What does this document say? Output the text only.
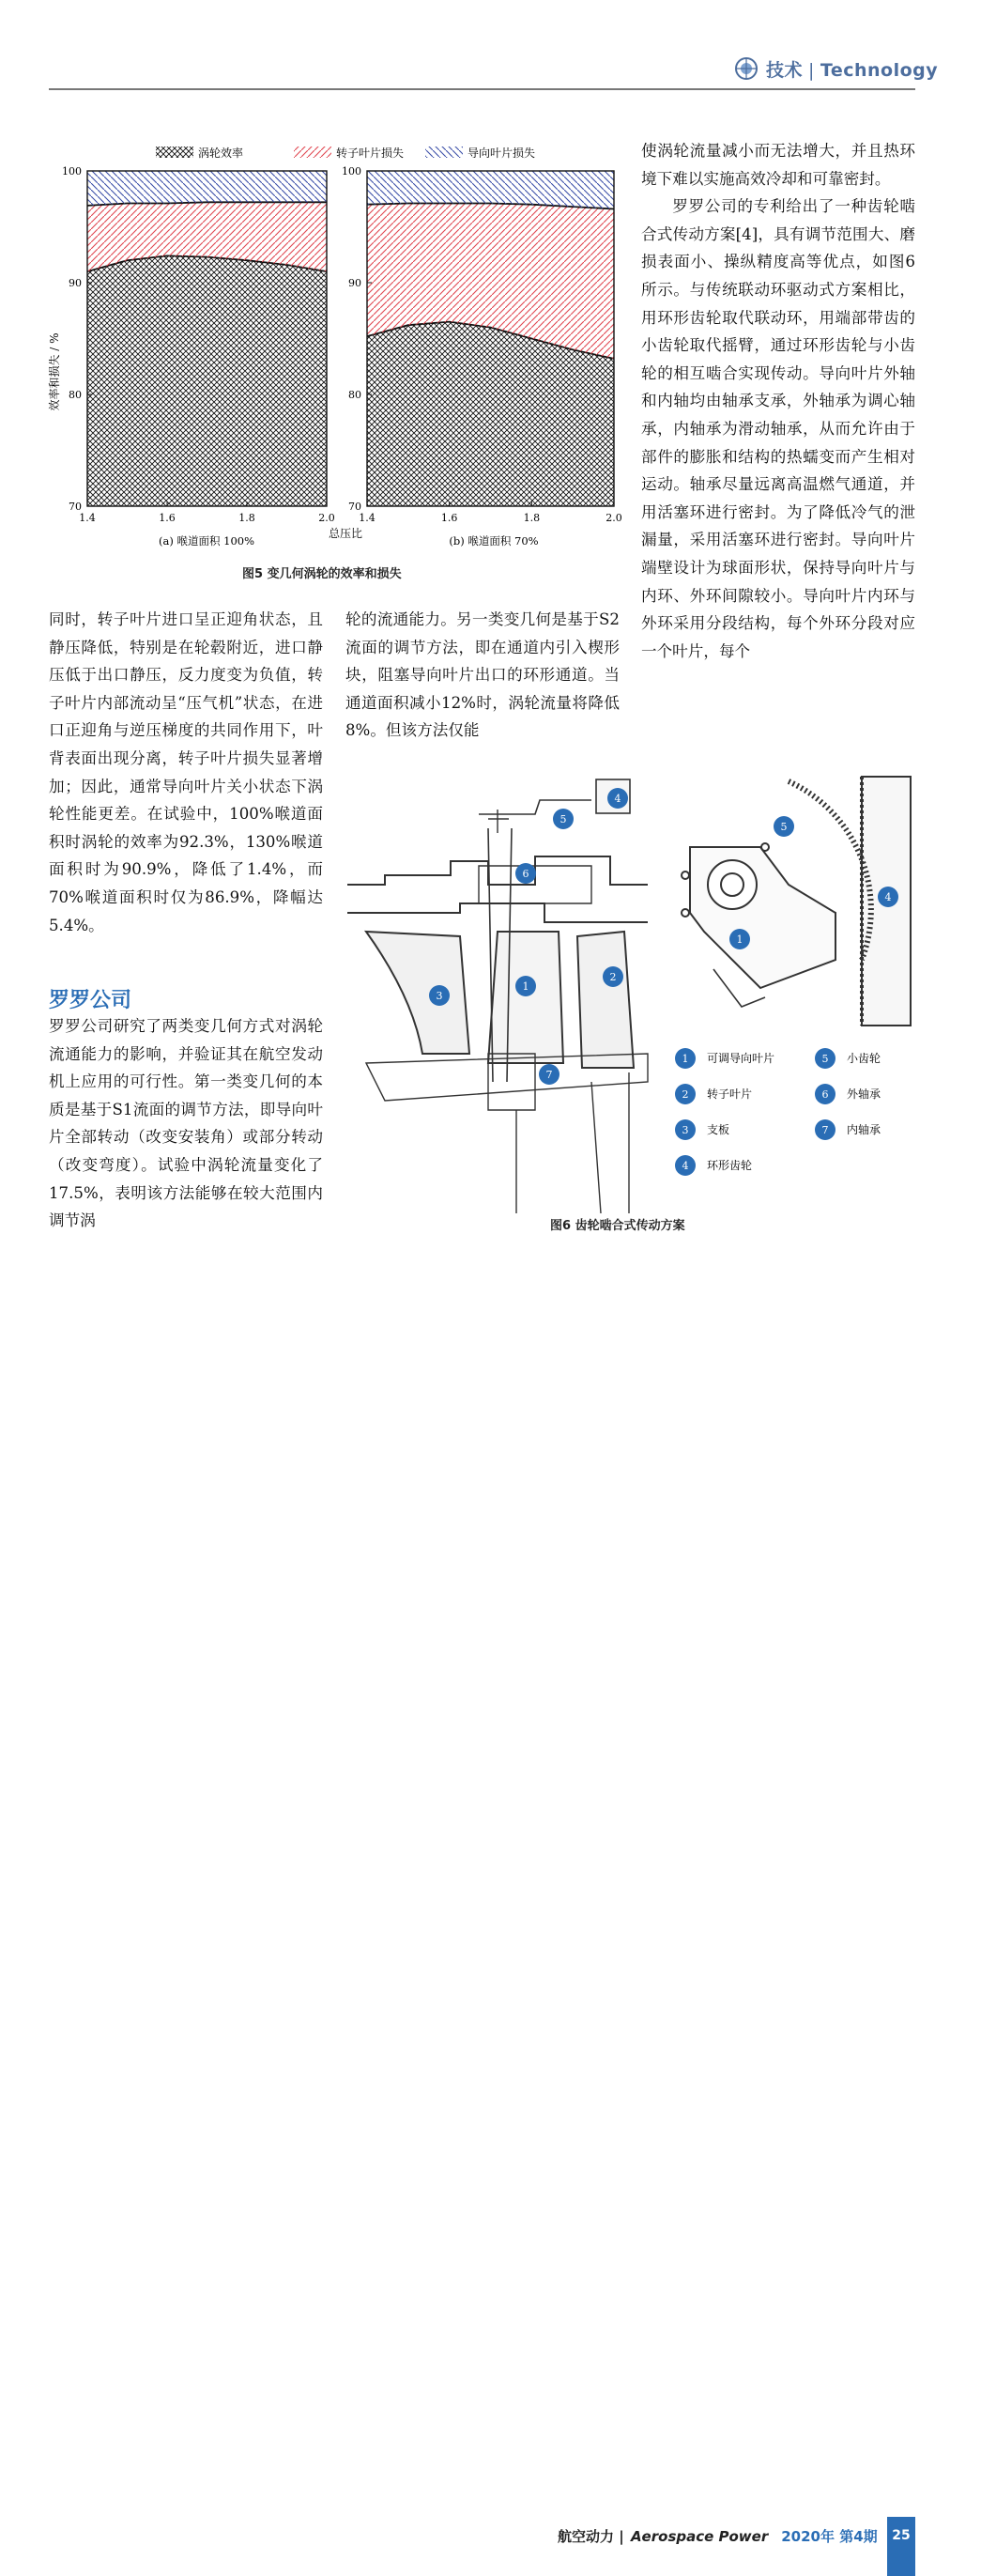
技术 | Technology
涡轮效率	转子叶片损失	导向叶片损失
70
80
90
100
1.4	1.6	1.8	2.0
70
80
90
100
1.4	1.6	1.8	2.0
效率和损失 / %
总压比
(a) 喉道面积 100%	(b) 喉道面积 70%
图5 变几何涡轮的效率和损失

使涡轮流量减小而无法增大，并且热环境下难以实施高效冷却和可靠密封。

罗罗公司的专利给出了一种齿轮啮合式传动方案[4]，具有调节范围大、磨损表面小、操纵精度高等优点，如图6所示。与传统联动环驱动式方案相比，用环形齿轮取代联动环，用端部带齿的小齿轮取代摇臂，通过环形齿轮与小齿轮的相互啮合实现传动。导向叶片外轴和内轴均由轴承支承，外轴承为调心轴承，内轴承为滑动轴承，从而允许由于部件的膨胀和结构的热蠕变而产生相对运动。轴承尽量远离高温燃气通道，并用活塞环进行密封。为了降低冷气的泄漏量，采用活塞环进行密封。导向叶片端壁设计为球面形状，保持导向叶片与内环、外环间隙较小。导向叶片内环与外环采用分段结构，每个外环分段对应一个叶片，每个

同时，转子叶片进口呈正迎角状态，且静压降低，特别是在轮毂附近，进口静压低于出口静压，反力度变为负值，转子叶片内部流动呈“压气机”状态，在进口正迎角与逆压梯度的共同作用下，叶背表面出现分离，转子叶片损失显著增加；因此，通常导向叶片关小状态下涡轮性能更差。在试验中，100%喉道面积时涡轮的效率为92.3%，130%喉道面积时为90.9%，降低了1.4%，而70%喉道面积时仅为86.9%，降幅达5.4%。

罗罗公司

罗罗公司研究了两类变几何方式对涡轮流通能力的影响，并验证其在航空发动机上应用的可行性。第一类变几何的本质是基于S1流面的调节方法，即导向叶片全部转动（改变安装角）或部分转动（改变弯度）。试验中涡轮流量变化了17.5%，表明该方法能够在较大范围内调节涡

轮的流通能力。另一类变几何是基于S2流面的调节方法，即在通道内引入楔形块，阻塞导向叶片出口的环形通道。当通道面积减小12%时，涡轮流量将降低8%。但该方法仅能

1
2
3
4
5
6
7
1
4
5
1 可调导向叶片
2 转子叶片
3 支板
4 环形齿轮
5 小齿轮
6 外轴承
7 内轴承
图6 齿轮啮合式传动方案
航空动力 | Aerospace Power 2020年 第4期	25
